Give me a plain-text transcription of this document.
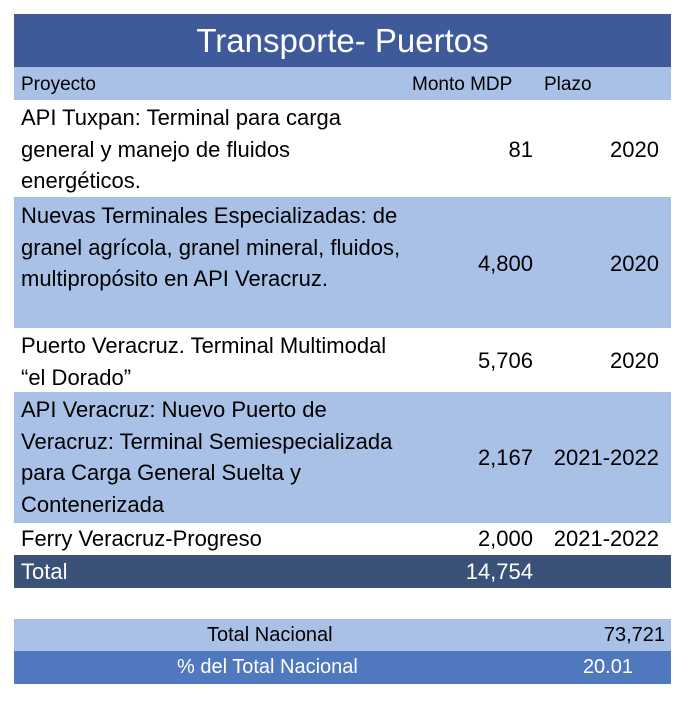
Transporte- Puertos
Proyecto	Monto MDP Plazo
API Tuxpan: Terminal para carga general y manejo de fluidos energéticos.
81	2020
Nuevas Terminales Especializadas: de granel agrícola, granel mineral, fluidos, multipropósito en API Veracruz.
4,800	2020
Puerto Veracruz. Terminal Multimodal “el Dorado”
5,706	2020
API Veracruz: Nuevo Puerto de Veracruz: Terminal Semiespecializada para Carga General Suelta y Contenerizada
2,167 2021-2022
Ferry Veracruz-Progreso	2,000 2021-2022
Total	14,754
Total Nacional	73,721
% del Total Nacional	20.01
